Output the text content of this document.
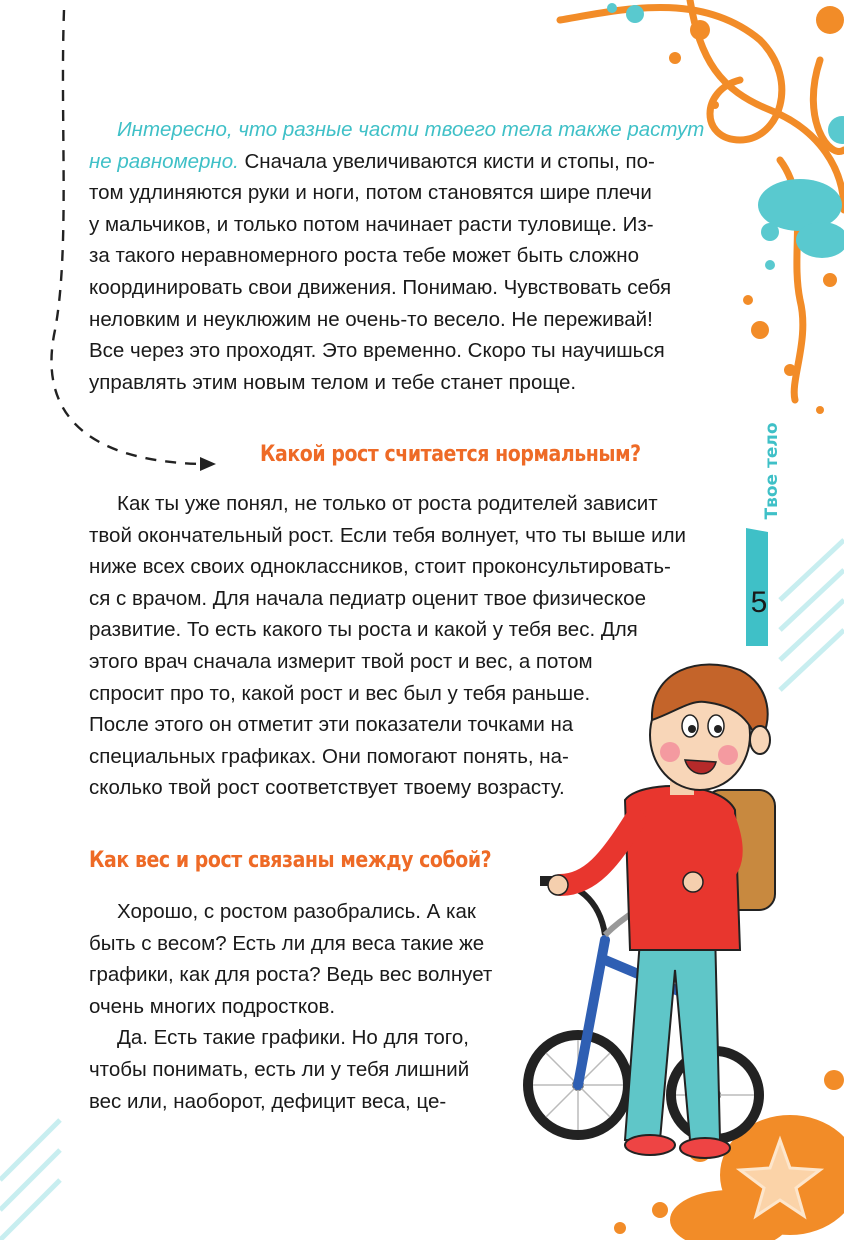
Твое тело
5
Интересно, что разные части твоего тела также растут
не равномерно. Сначала увеличиваются кисти и стопы, по-
том удлиняются руки и ноги, потом становятся шире плечи
у мальчиков, и только потом начинает расти туловище. Из-
за такого неравномерного роста тебе может быть сложно
координировать свои движения. Понимаю. Чувствовать себя
неловким и неуклюжим не очень-то весело. Не переживай!
Все через это проходят. Это временно. Скоро ты научишься
управлять этим новым телом и тебе станет проще.
Какой рост считается нормальным?
Как ты уже понял, не только от роста родителей зависит
твой окончательный рост. Если тебя волнует, что ты выше или
ниже всех своих одноклассников, стоит проконсультировать-
ся с врачом. Для начала педиатр оценит твое физическое
развитие. То есть какого ты роста и какой у тебя вес. Для
этого врач сначала измерит твой рост и вес, а потом
спросит про то, какой рост и вес был у тебя раньше.
После этого он отметит эти показатели точками на
специальных графиках. Они помогают понять, на-
сколько твой рост соответствует твоему возрасту.
Как вес и рост связаны между собой?
Хорошо, с ростом разобрались. А как
быть с весом? Есть ли для веса такие же
графики, как для роста? Ведь вес волнует
очень многих подростков.
Да. Есть такие графики. Но для того,
чтобы понимать, есть ли у тебя лишний
вес или, наоборот, дефицит веса, це-
